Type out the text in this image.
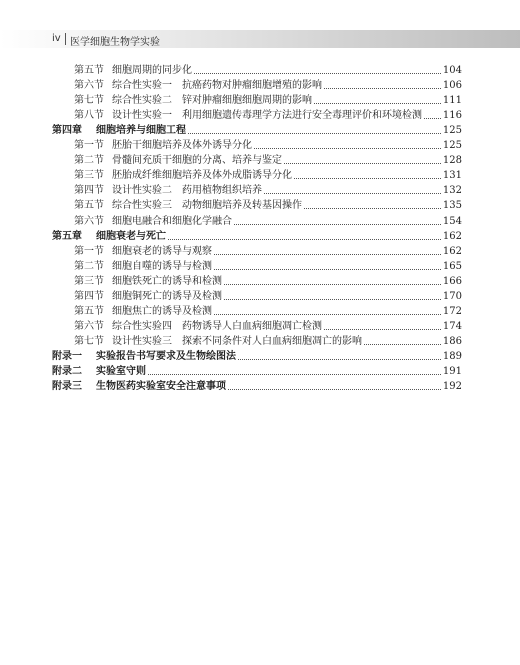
iv 医学细胞生物学实验
第五节 细胞周期的同步化	104
第六节 综合性实验一　抗癌药物对肿瘤细胞增殖的影响	106
第七节 综合性实验二　锌对肿瘤细胞细胞周期的影响	111
第八节 设计性实验一　利用细胞遗传毒理学方法进行安全毒理评价和环境检测 116
第四章	细胞培养与细胞工程	125
第一节 胚胎干细胞培养及体外诱导分化	125
第二节 骨髓间充质干细胞的分离、培养与鉴定	128
第三节 胚胎成纤维细胞培养及体外成脂诱导分化	131
第四节 设计性实验二　药用植物组织培养	132
第五节 综合性实验三　动物细胞培养及转基因操作	135
第六节 细胞电融合和细胞化学融合	154
第五章	细胞衰老与死亡	162
第一节 细胞衰老的诱导与观察	162
第二节 细胞自噬的诱导与检测	165
第三节 细胞铁死亡的诱导和检测	166
第四节 细胞铜死亡的诱导及检测	170
第五节 细胞焦亡的诱导及检测	172
第六节 综合性实验四　药物诱导人白血病细胞凋亡检测	174
第七节 设计性实验三　探索不同条件对人白血病细胞凋亡的影响	186
附录一	实验报告书写要求及生物绘图法	189
附录二	实验室守则	191
附录三	生物医药实验室安全注意事项	192
